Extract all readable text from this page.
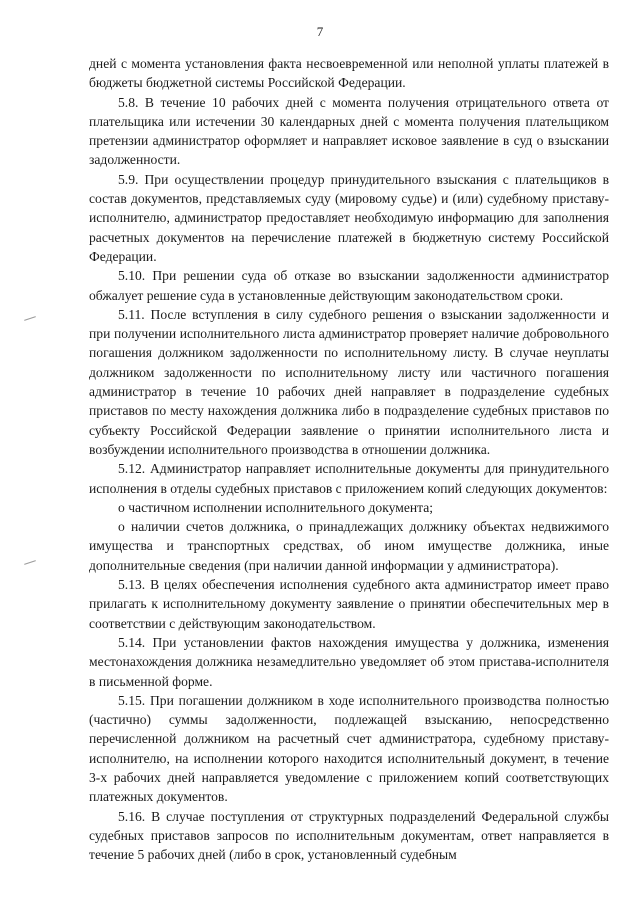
7

дней с момента установления факта несвоевременной или неполной уплаты платежей в бюджеты бюджетной системы Российской Федерации.

5.8. В течение 10 рабочих дней с момента получения отрицательного ответа от плательщика или истечении 30 календарных дней с момента получения плательщиком претензии администратор оформляет и направляет исковое заявление в суд о взыскании задолженности.

5.9. При осуществлении процедур принудительного взыскания с плательщиков в состав документов, представляемых суду (мировому судье) и (или) судебному приставу-исполнителю, администратор предоставляет необходимую информацию для заполнения расчетных документов на перечисление платежей в бюджетную систему Российской Федерации.

5.10. При решении суда об отказе во взыскании задолженности администратор обжалует решение суда в установленные действующим законодательством сроки.

5.11. После вступления в силу судебного решения о взыскании задолженности и при получении исполнительного листа администратор проверяет наличие добровольного погашения должником задолженности по исполнительному листу. В случае неуплаты должником задолженности по исполнительному листу или частичного погашения администратор в течение 10 рабочих дней направляет в подразделение судебных приставов по месту нахождения должника либо в подразделение судебных приставов по субъекту Российской Федерации заявление о принятии исполнительного листа и возбуждении исполнительного производства в отношении должника.

5.12. Администратор направляет исполнительные документы для принудительного исполнения в отделы судебных приставов с приложением копий следующих документов:

о частичном исполнении исполнительного документа;

о наличии счетов должника, о принадлежащих должнику объектах недвижимого имущества и транспортных средствах, об ином имуществе должника, иные дополнительные сведения (при наличии данной информации у администратора).

5.13. В целях обеспечения исполнения судебного акта администратор имеет право прилагать к исполнительному документу заявление о принятии обеспечительных мер в соответствии с действующим законодательством.

5.14. При установлении фактов нахождения имущества у должника, изменения местонахождения должника незамедлительно уведомляет об этом пристава-исполнителя в письменной форме.

5.15. При погашении должником в ходе исполнительного производства полностью (частично) суммы задолженности, подлежащей взысканию, непосредственно перечисленной должником на расчетный счет администратора, судебному приставу-исполнителю, на исполнении которого находится исполнительный документ, в течение 3-х рабочих дней направляется уведомление с приложением копий соответствующих платежных документов.

5.16. В случае поступления от структурных подразделений Федеральной службы судебных приставов запросов по исполнительным документам, ответ направляется в течение 5 рабочих дней (либо в срок, установленный судебным
